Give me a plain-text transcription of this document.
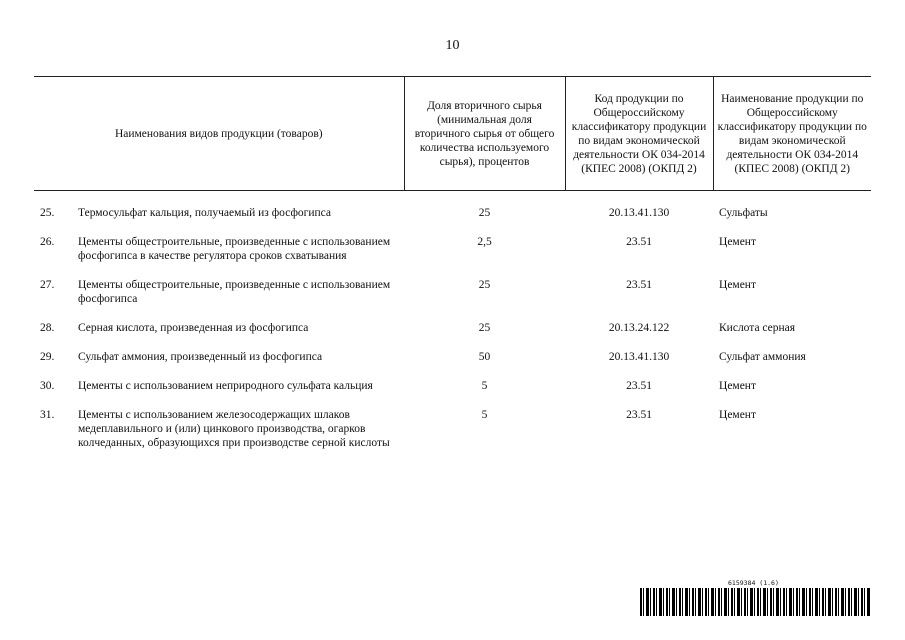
10
Наименования видов продукции (товаров)		Доля вторичного сырья (минимальная доля вторичного сырья от общего количества используемого сырья), процентов	Код продукции по Общероссийскому классификатору продукции по видам экономической деятельности ОК 034-2014 (КПЕС 2008) (ОКПД 2)	Наименование продукции по Общероссийскому классификатору продукции по видам экономической деятельности ОК 034-2014 (КПЕС 2008) (ОКПД 2)
25.	Термосульфат кальция, получаемый из фосфогипса	25	20.13.41.130	Сульфаты
26.	Цементы общестроительные, произведенные с использованием фосфогипса в качестве регулятора сроков схватывания	2,5	23.51	Цемент
27.	Цементы общестроительные, произведенные с использованием фосфогипса	25	23.51	Цемент
28.	Серная кислота, произведенная из фосфогипса	25	20.13.24.122	Кислота серная
29.	Сульфат аммония, произведенный из фосфогипса	50	20.13.41.130	Сульфат аммония
30.	Цементы с использованием неприродного сульфата кальция	5	23.51	Цемент
31.	Цементы с использованием железосодержащих шлаков медеплавильного и (или) цинкового производства, огарков колчеданных, образующихся при производстве серной кислоты	5	23.51	Цемент
6159384 (1.6)
